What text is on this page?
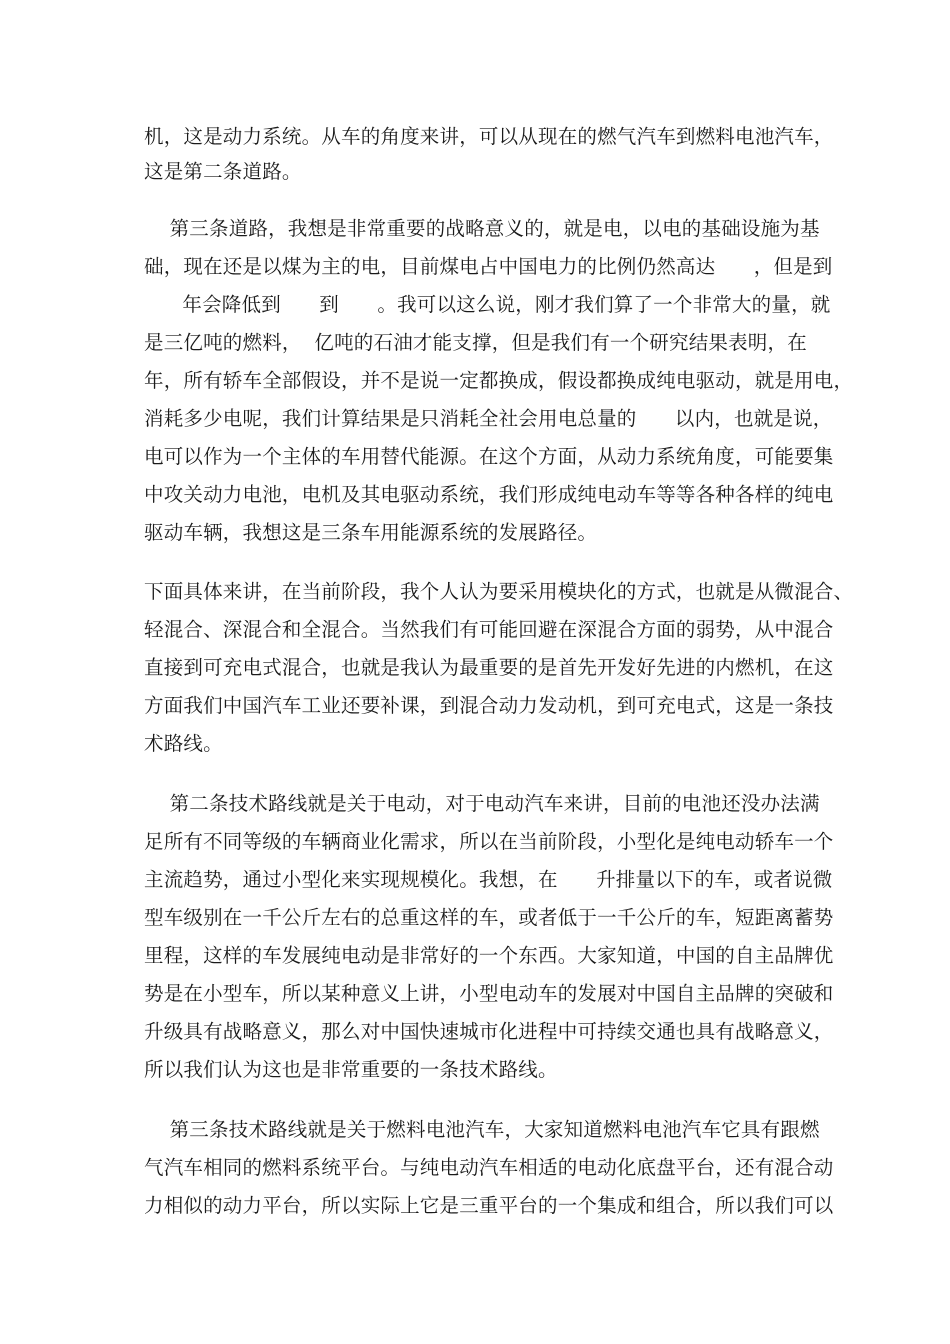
机，这是动力系统。从车的角度来讲，可以从现在的燃气汽车到燃料电池汽车，
这是第二条道路。
第三条道路，我想是非常重要的战略意义的，就是电，以电的基础设施为基
础，现在还是以煤为主的电，目前煤电占中国电力的比例仍然高达      ，但是到
年会降低到      到      。我可以这么说，刚才我们算了一个非常大的量，就
是三亿吨的燃料，  亿吨的石油才能支撑，但是我们有一个研究结果表明，在
年，所有轿车全部假设，并不是说一定都换成，假设都换成纯电驱动，就是用电，
消耗多少电呢，我们计算结果是只消耗全社会用电总量的      以内，也就是说，
电可以作为一个主体的车用替代能源。在这个方面，从动力系统角度，可能要集
中攻关动力电池，电机及其电驱动系统，我们形成纯电动车等等各种各样的纯电
驱动车辆，我想这是三条车用能源系统的发展路径。
下面具体来讲，在当前阶段，我个人认为要采用模块化的方式，也就是从微混合、
轻混合、深混合和全混合。当然我们有可能回避在深混合方面的弱势，从中混合
直接到可充电式混合，也就是我认为最重要的是首先开发好先进的内燃机，在这
方面我们中国汽车工业还要补课，到混合动力发动机，到可充电式，这是一条技
术路线。
第二条技术路线就是关于电动，对于电动汽车来讲，目前的电池还没办法满
足所有不同等级的车辆商业化需求，所以在当前阶段，小型化是纯电动轿车一个
主流趋势，通过小型化来实现规模化。我想，在      升排量以下的车，或者说微
型车级别在一千公斤左右的总重这样的车，或者低于一千公斤的车，短距离蓄势
里程，这样的车发展纯电动是非常好的一个东西。大家知道，中国的自主品牌优
势是在小型车，所以某种意义上讲，小型电动车的发展对中国自主品牌的突破和
升级具有战略意义，那么对中国快速城市化进程中可持续交通也具有战略意义，
所以我们认为这也是非常重要的一条技术路线。
第三条技术路线就是关于燃料电池汽车，大家知道燃料电池汽车它具有跟燃
气汽车相同的燃料系统平台。与纯电动汽车相适的电动化底盘平台，还有混合动
力相似的动力平台，所以实际上它是三重平台的一个集成和组合，所以我们可以
